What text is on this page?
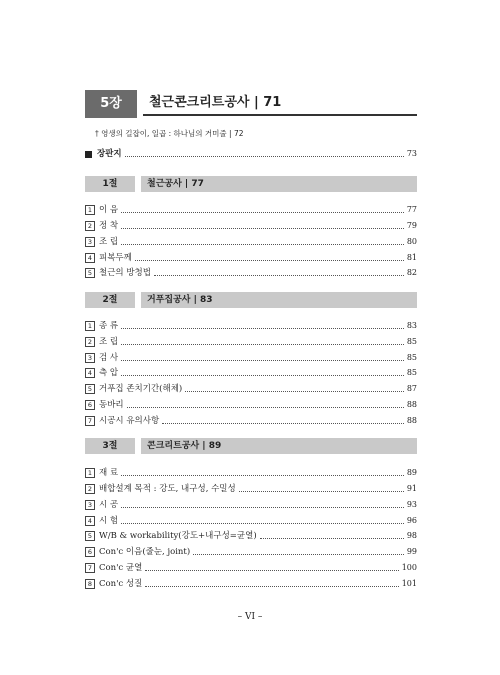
5장	철근콘크리트공사 | 71
† 영생의 길잡이, 일곱 : 하나님의 거미줄 | 72
장판지	73
1절	철근공사 | 77
1 이 음	77
2 정 착	79
3 조 립	80
4 피복두께	81
5 철근의 방청법	82
2절	거푸집공사 | 83
1 종 류	83
2 조 립	85
3 검 사	85
4 측 압	85
5 거푸집 존치기간(해체)	87
6 동바리	88
7 시공시 유의사항	88
3절	콘크리트공사 | 89
1 재 료	89
2 배합설계 목적 : 강도, 내구성, 수밀성	91
3 시 공	93
4 시 험	96
5 W/B & workability(강도+내구성=균열)	98
6 Con'c 이음(줄눈, joint)	99
7 Con'c 균열	100
8 Con'c 성질	101
– VI –
